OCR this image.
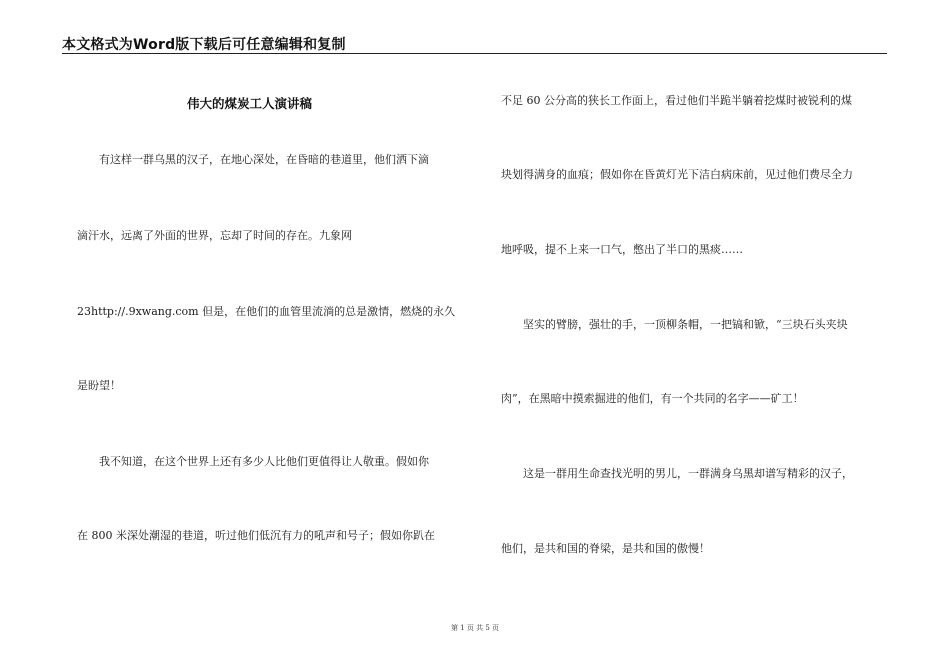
本文格式为Word版下载后可任意编辑和复制
伟大的煤炭工人演讲稿
有这样一群乌黑的汉子，在地心深处，在昏暗的巷道里，他们洒下滴
滴汗水，远离了外面的世界，忘却了时间的存在。九象网
23http://.9xwang.com 但是，在他们的血管里流淌的总是激情，燃烧的永久
是盼望！
我不知道，在这个世界上还有多少人比他们更值得让人敬重。假如你
在 800 米深处潮湿的巷道，听过他们低沉有力的吼声和号子；假如你趴在
不足 60 公分高的狭长工作面上，看过他们半跪半躺着挖煤时被锐利的煤
块划得满身的血痕；假如你在昏黄灯光下洁白病床前，见过他们费尽全力
地呼吸，提不上来一口气，憋出了半口的黑痰……
坚实的臂膀，强壮的手，一顶柳条帽，一把镐和锨，“三块石头夹块
肉”，在黑暗中摸索掘进的他们，有一个共同的名字——矿工！
这是一群用生命查找光明的男儿，一群满身乌黑却谱写精彩的汉子，
他们，是共和国的脊梁，是共和国的傲慢！
第 1 页 共 5 页
